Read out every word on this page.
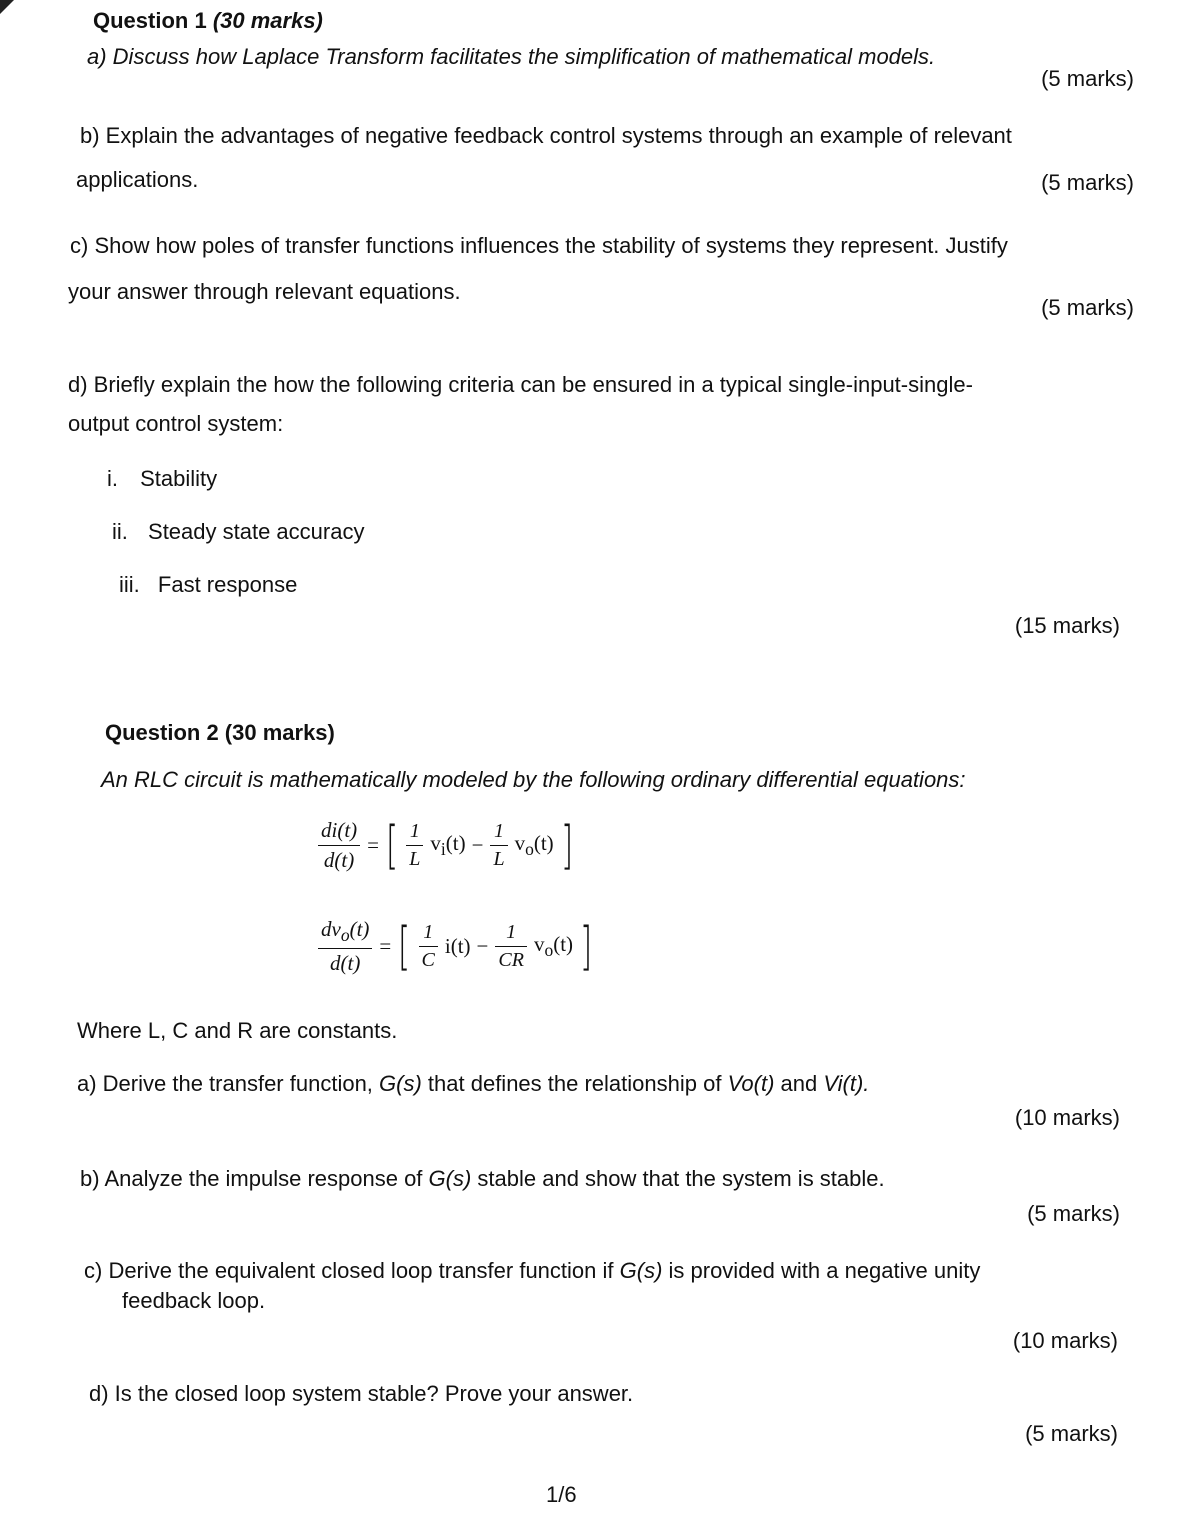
Question 1 (30 marks)
a) Discuss how Laplace Transform facilitates the simplification of mathematical models.
(5 marks)
b) Explain the advantages of negative feedback control systems through an example of relevant
applications.	(5 marks)
c) Show how poles of transfer functions influences the stability of systems they represent. Justify
your answer through relevant equations.
(5 marks)
d) Briefly explain the how the following criteria can be ensured in a typical single-input-single-
output control system:
i. Stability
ii. Steady state accuracy
iii. Fast response
(15 marks)
Question 2 (30 marks)
An RLC circuit is mathematically modeled by the following ordinary differential equations:
$\frac{di(t)}{d(t)}$ = [ $\frac{1}{L} v_i(t) - \frac{1}{L} v_o(t)$ ]
$\frac{dv_o(t)}{d(t)}$ = [ $\frac{1}{C} i(t) - \frac{1}{CR} v_o(t)$ ]
Where L, C and R are constants.
a) Derive the transfer function, G(s) that defines the relationship of Vo(t) and Vi(t).
(10 marks)
b) Analyze the impulse response of G(s) stable and show that the system is stable.
(5 marks)
c) Derive the equivalent closed loop transfer function if G(s) is provided with a negative unity
feedback loop.
(10 marks)
d) Is the closed loop system stable? Prove your answer.
(5 marks)
1/6
